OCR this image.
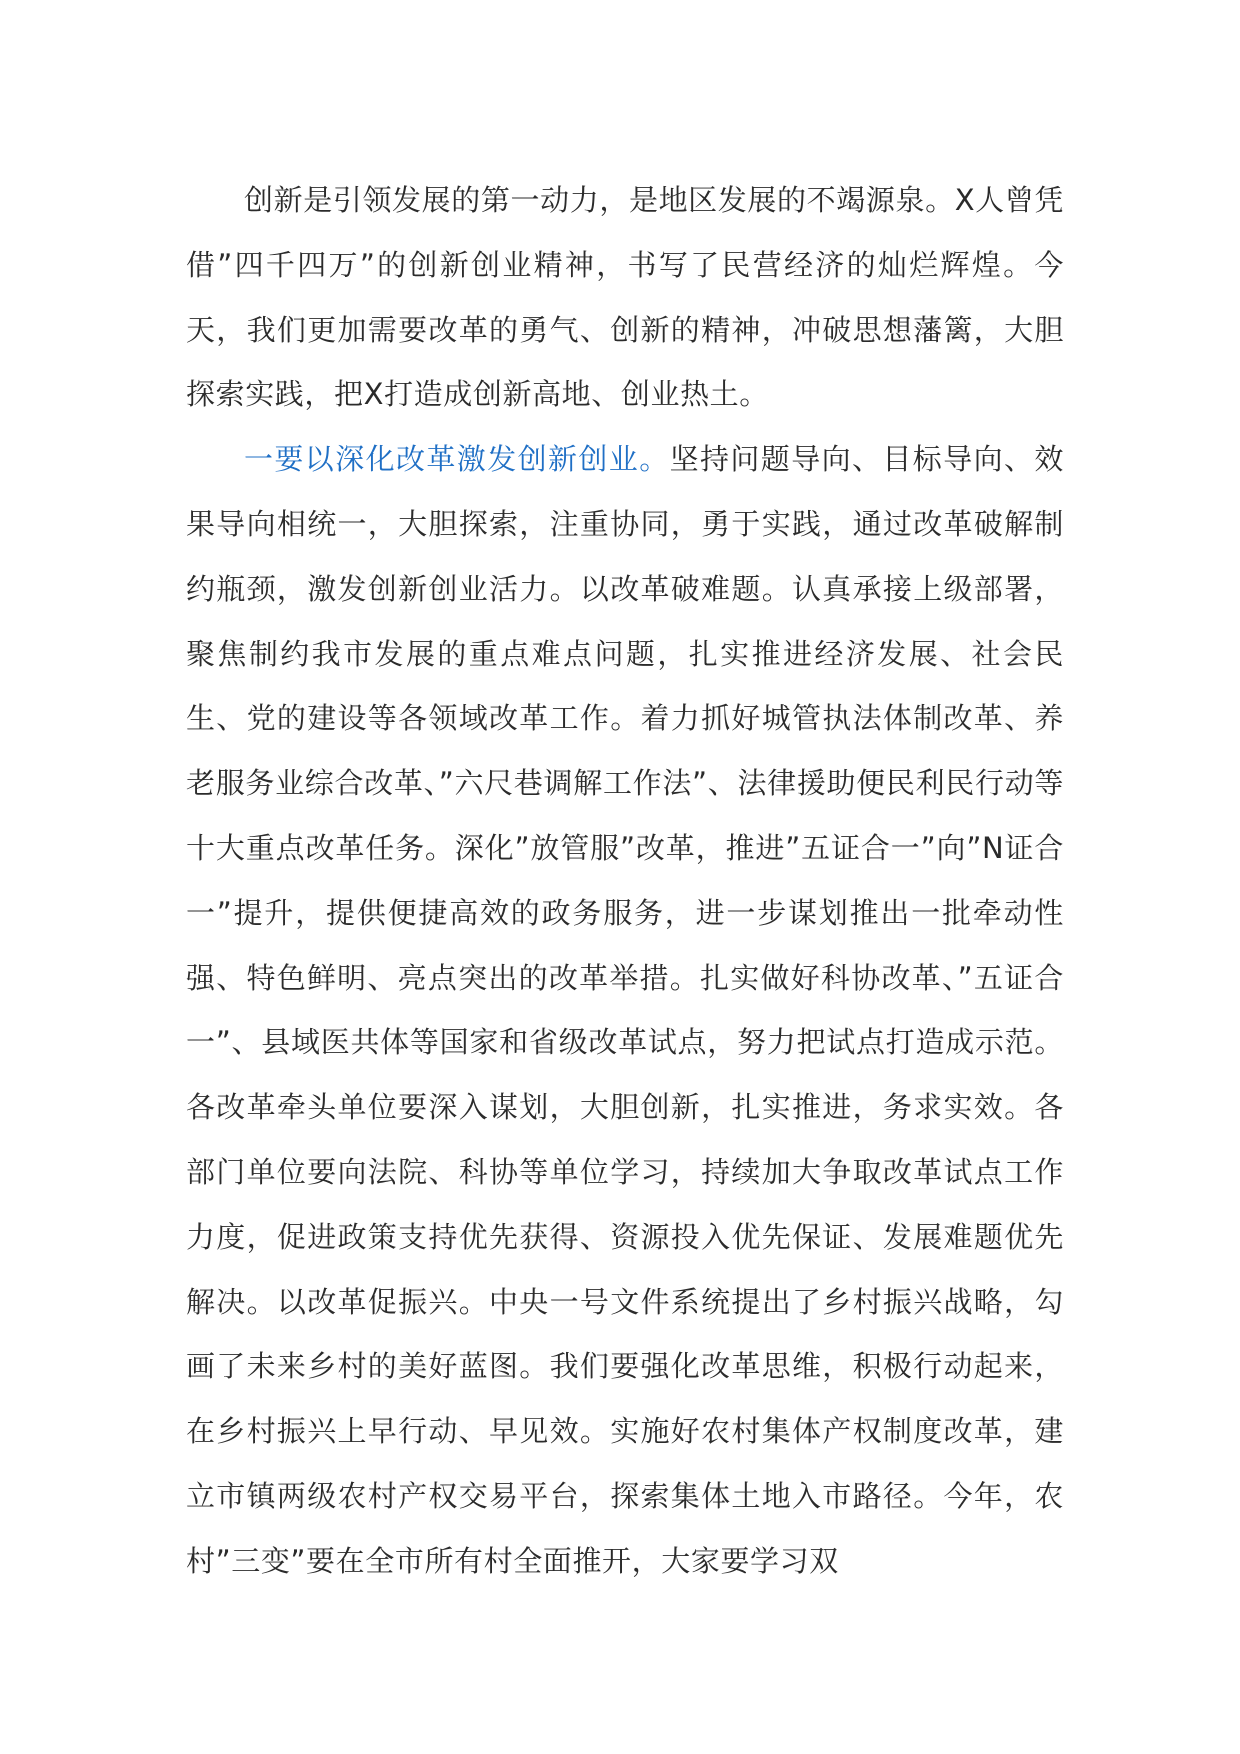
创新是引领发展的第一动力，是地区发展的不竭源泉。X人曾凭借”四千四万”的创新创业精神，书写了民营经济的灿烂辉煌。今天，我们更加需要改革的勇气、创新的精神，冲破思想藩篱，大胆探索实践，把X打造成创新高地、创业热土。

一要以深化改革激发创新创业。坚持问题导向、目标导向、效果导向相统一，大胆探索，注重协同，勇于实践，通过改革破解制约瓶颈，激发创新创业活力。以改革破难题。认真承接上级部署，聚焦制约我市发展的重点难点问题，扎实推进经济发展、社会民生、党的建设等各领域改革工作。着力抓好城管执法体制改革、养老服务业综合改革、”六尺巷调解工作法”、法律援助便民利民行动等十大重点改革任务。深化”放管服”改革，推进”五证合一”向”N证合一”提升，提供便捷高效的政务服务，进一步谋划推出一批牵动性强、特色鲜明、亮点突出的改革举措。扎实做好科协改革、”五证合一”、县域医共体等国家和省级改革试点，努力把试点打造成示范。各改革牵头单位要深入谋划，大胆创新，扎实推进，务求实效。各部门单位要向法院、科协等单位学习，持续加大争取改革试点工作力度，促进政策支持优先获得、资源投入优先保证、发展难题优先解决。以改革促振兴。中央一号文件系统提出了乡村振兴战略，勾画了未来乡村的美好蓝图。我们要强化改革思维，积极行动起来，在乡村振兴上早行动、早见效。实施好农村集体产权制度改革，建立市镇两级农村产权交易平台，探索集体土地入市路径。今年，农村”三变”要在全市所有村全面推开，大家要学习双
